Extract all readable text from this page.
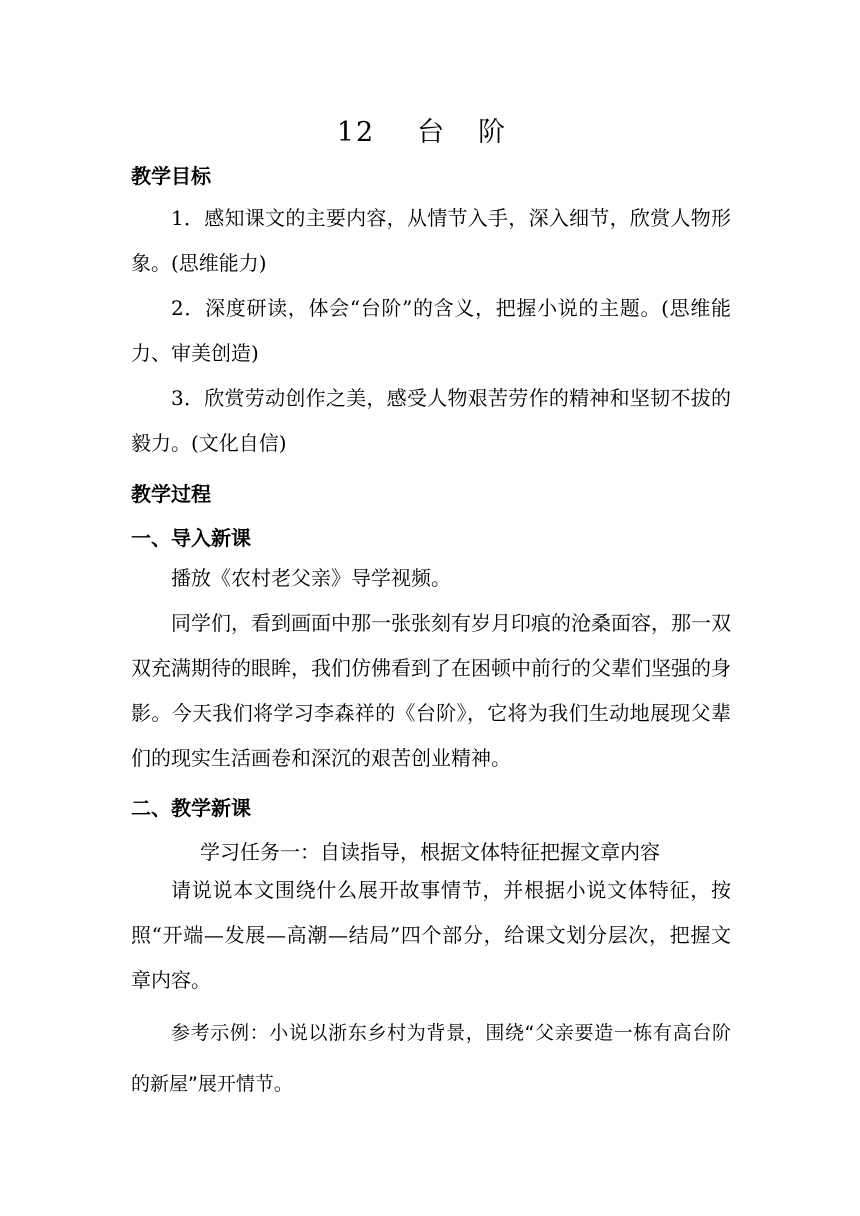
12 台 阶
教学目标

1．感知课文的主要内容，从情节入手，深入细节，欣赏人物形象。(思维能力)

2．深度研读，体会“台阶”的含义，把握小说的主题。(思维能力、审美创造)

3．欣赏劳动创作之美，感受人物艰苦劳作的精神和坚韧不拔的毅力。(文化自信)

教学过程
一、导入新课

播放《农村老父亲》导学视频。

同学们，看到画面中那一张张刻有岁月印痕的沧桑面容，那一双双充满期待的眼眸，我们仿佛看到了在困顿中前行的父辈们坚强的身影。今天我们将学习李森祥的《台阶》，它将为我们生动地展现父辈们的现实生活画卷和深沉的艰苦创业精神。

二、教学新课
学习任务一：自读指导，根据文体特征把握文章内容

请说说本文围绕什么展开故事情节，并根据小说文体特征，按照“开端—发展—高潮—结局”四个部分，给课文划分层次，把握文章内容。

参考示例：小说以浙东乡村为背景，围绕“父亲要造一栋有高台阶的新屋”展开情节。
